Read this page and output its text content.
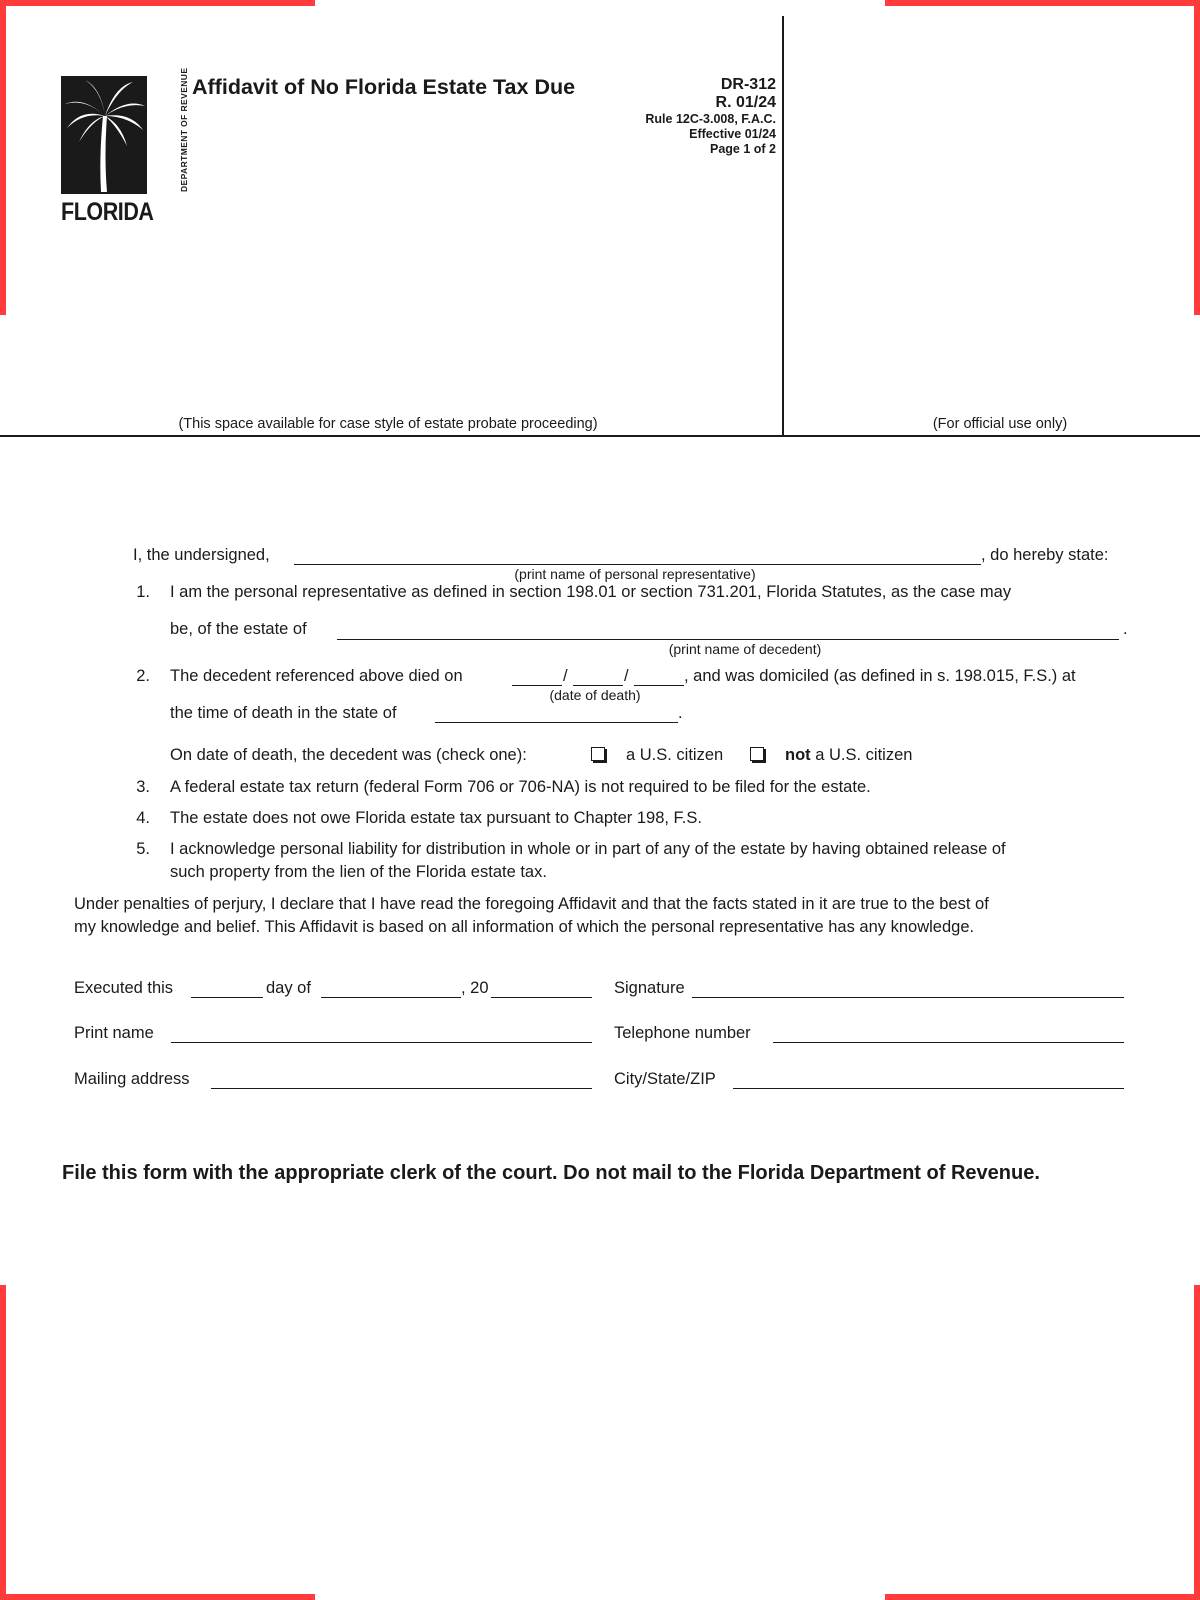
DEPARTMENT OF REVENUE
FLORIDA
Affidavit of No Florida Estate Tax Due	DR-312
R. 01/24
Rule 12C-3.008, F.A.C.
Effective 01/24
Page 1 of 2
(This space available for case style of estate probate proceeding)	(For official use only)
I, the undersigned,	, do hereby state:
(print name of personal representative)
1. I am the personal representative as defined in section 198.01 or section 731.201, Florida Statutes, as the case may
be, of the estate of	.
(print name of decedent)
2. The decedent referenced above died on	/	/	, and was domiciled (as defined in s. 198.015, F.S.) at
(date of death)
the time of death in the state of	.
On date of death, the decedent was (check one):	a U.S. citizen	not a U.S. citizen
3. A federal estate tax return (federal Form 706 or 706-NA) is not required to be filed for the estate.
4. The estate does not owe Florida estate tax pursuant to Chapter 198, F.S.
5. I acknowledge personal liability for distribution in whole or in part of any of the estate by having obtained release of
such property from the lien of the Florida estate tax.
Under penalties of perjury, I declare that I have read the foregoing Affidavit and that the facts stated in it are true to the best of
my knowledge and belief. This Affidavit is based on all information of which the personal representative has any knowledge.
Executed this	day of	, 20	Signature
Print name	Telephone number
Mailing address	City/State/ZIP
File this form with the appropriate clerk of the court. Do not mail to the Florida Department of Revenue.
